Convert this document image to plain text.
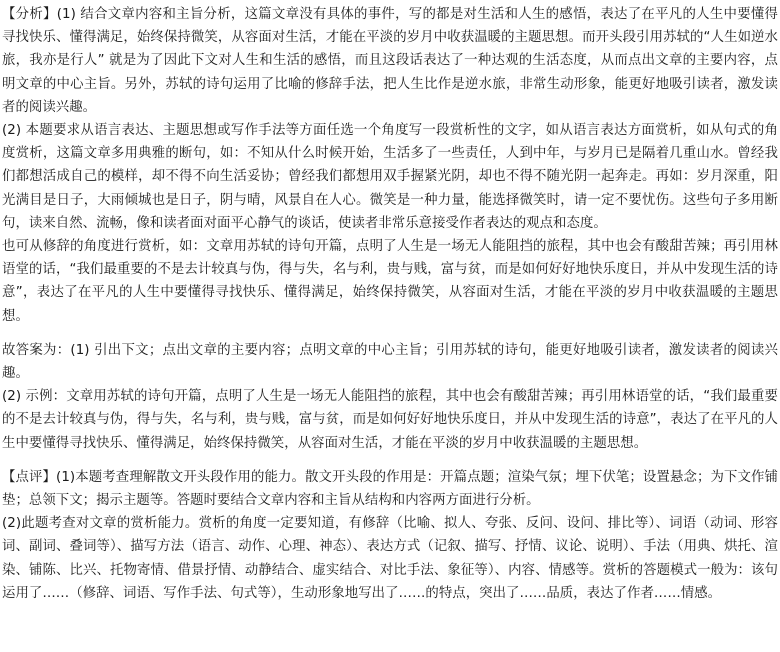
【分析】(1) 结合文章内容和主旨分析，这篇文章没有具体的事件，写的都是对生活和人生的感悟，表达了在平凡的人生中要懂得寻找快乐、懂得满足，始终保持微笑，从容面对生活，才能在平淡的岁月中收获温暖的主题思想。而开头段引用苏轼的“人生如逆水旅，我亦是行人” 就是为了因此下文对人生和生活的感悟，而且这段话表达了一种达观的生活态度，从而点出文章的主要内容，点明文章的中心主旨。另外，苏轼的诗句运用了比喻的修辞手法，把人生比作是逆水旅，非常生动形象，能更好地吸引读者，激发读者的阅读兴趣。

(2) 本题要求从语言表达、主题思想或写作手法等方面任选一个角度写一段赏析性的文字，如从语言表达方面赏析，如从句式的角度赏析，这篇文章多用典雅的断句，如：不知从什么时候开始，生活多了一些责任，人到中年，与岁月已是隔着几重山水。曾经我们都想活成自己的模样，却不得不向生活妥协；曾经我们都想用双手握紧光阴，却也不得不随光阴一起奔走。再如：岁月深重，阳光满目是日子，大雨倾城也是日子，阴与晴，风景自在人心。微笑是一种力量，能选择微笑时，请一定不要忧伤。这些句子多用断句，读来自然、流畅，像和读者面对面平心静气的谈话，使读者非常乐意接受作者表达的观点和态度。

也可从修辞的角度进行赏析，如：文章用苏轼的诗句开篇，点明了人生是一场无人能阻挡的旅程，其中也会有酸甜苦辣；再引用林语堂的话，“我们最重要的不是去计较真与伪，得与失，名与利，贵与贱，富与贫，而是如何好好地快乐度日，并从中发现生活的诗意”，表达了在平凡的人生中要懂得寻找快乐、懂得满足，始终保持微笑，从容面对生活，才能在平淡的岁月中收获温暖的主题思想。

故答案为：(1) 引出下文；点出文章的主要内容；点明文章的中心主旨；引用苏轼的诗句，能更好地吸引读者，激发读者的阅读兴趣。

(2) 示例：文章用苏轼的诗句开篇，点明了人生是一场无人能阻挡的旅程，其中也会有酸甜苦辣；再引用林语堂的话，“我们最重要的不是去计较真与伪，得与失，名与利，贵与贱，富与贫，而是如何好好地快乐度日，并从中发现生活的诗意”，表达了在平凡的人生中要懂得寻找快乐、懂得满足，始终保持微笑，从容面对生活，才能在平淡的岁月中收获温暖的主题思想。

【点评】(1)本题考查理解散文开头段作用的能力。散文开头段的作用是：开篇点题；渲染气氛；埋下伏笔；设置悬念；为下文作铺垫；总领下文；揭示主题等。答题时要结合文章内容和主旨从结构和内容两方面进行分析。

(2)此题考查对文章的赏析能力。赏析的角度一定要知道，有修辞（比喻、拟人、夸张、反问、设问、排比等）、词语（动词、形容词、副词、叠词等）、描写方法（语言、动作、心理、神态）、表达方式（记叙、描写、抒情、议论、说明）、手法（用典、烘托、渲染、铺陈、比兴、托物寄情、借景抒情、动静结合、虚实结合、对比手法、象征等）、内容、情感等。赏析的答题模式一般为：该句运用了……（修辞、词语、写作手法、句式等），生动形象地写出了……的特点，突出了……品质，表达了作者……情感。
